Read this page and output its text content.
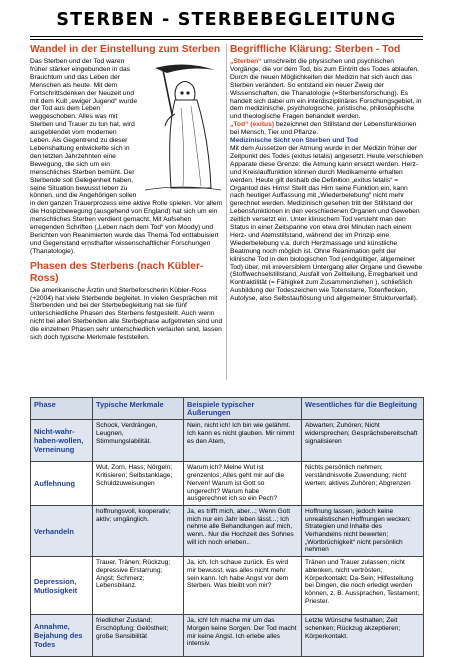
STERBEN - STERBEBEGLEITUNG
Wandel in der Einstellung zum Sterben

Das Sterben und der Tod waren früher stärker eingebunden in das Brauchtum und das Leben der Menschen als heute. Mit dem Fortschrittsdenken der Neuzeit und mit dem Kult „ewiger Jugend“ wurde der Tod aus dem Leben weggeschoben. Alles was mit Sterben und Trauer zu tun hat, wird ausgeblendet vom modernen Leben. Als Gegentrend zu dieser Lebenshaltung entwickelte sich in den letzten Jahrzehnten eine Bewegung, die sich um ein menschliches Sterben bemüht. Der Sterbende soll Gelegenheit haben, seine Situation bewusst leben zu können, und die Angehörigen sollen in den ganzen Trauerprozess eine aktive Rolle spielen. Vor allem die Hospizbewegung (ausgehend von England) hat sich um ein menschliches Sterben verdient gemacht. Mit Aufsehen erregenden Schriften („Leben nach dem Tod“ von Moody) und Berichten von Reanimierten wurde das Thema Tod enttabuisiert und Gegenstand ernsthafter wissenschaftlicher Forschungen (Thanatologie).

Phasen des Sterbens (nach Kübler-Ross)

Die amerikanische Ärztin und Sterbeforscherin Kübler-Ross (+2004) hat viele Sterbende begleitet. In vielen Gesprächen mit Sterbenden und bei der Sterbebegleitung hat sie fünf unterschiedliche Phasen des Sterbens festgestellt. Auch wenn nicht bei allen Sterbenden alle Sterbephase aufgetreten sind und die einzelnen Phasen sehr unterschiedlich verlaufen sind, lassen sich doch typische Merkmale feststellen.

Begriffliche Klärung: Sterben - Tod

„Sterben“ umschreibt die physischen und psychischen Vorgänge, die vor dem Tod, bis zum Eintritt des Todes ablaufen. Durch die neuen Möglichkeiten der Medizin hat sich auch das Sterben verändert. So entstand ein neuer Zweig der Wissenschaften, die Thanatologie (=Sterbensforschung). Es handelt sich dabei um ein interdisziplinäres Forschungsgebiet, in dem medizinische, psychologische, juristische, philosophische und theologische Fragen behandelt werden.

„Tod“ (exitus) bezeichnet den Stillstand der Lebensfunktionen bei Mensch, Tier und Pflanze.

Medizinische Sicht von Sterben und Tod

Mit dem Aussetzen der Atmung wurde in der Medizin früher der Zeitpunkt des Todes (exitus letalis) angesetzt. Heute verschieben Apparate diese Grenze: die Atmung kann ersetzt werden. Herz- und Kreislauffunktion können durch Medikamente erhalten werden. Heute gilt deshalb die Definition „exitus letalis“ = Organtod des Hirns! Stellt das Hirn seine Funktion ein, kann nach heutiger Auffassung mit „Wiederbelebung“ nicht mehr gerechnet werden. Medizinisch gesehen tritt der Stillstand der Lebensfunktionen in den verschiedenen Organen und Geweben zeitlich versetzt ein. Unter klinischem Tod versteht man den Status in einer Zeitspanne von etwa drei Minuten nach einem Herz- und Atemstillstand, während der im Prinzip eine Wiederbelebung v.a. durch Herzmassage und künstliche Beatmung noch möglich ist. Ohne Reanimation geht der klinische Tod in den biologischen Tod (endgültiger, allgemeiner Tod) über, mit irreversiblem Untergang aller Organe und Gewebe (Stoffwechselstillstand, Ausfall von Zellteilung, Erregbarkeit und Kontraktilität (= Fähigkeit zum Zusammenziehen ), schließlich Ausbildung der Todeszeichen wie Totenstarre, Totenflecken, Autolyse, also Selbstauflösung und allgemeiner Strukturverfall).

Phase	Typische Merkmale	Beispiele typischer Äußerungen	Wesentliches für die Begleitung
Nicht-wahr-haben-wollen, Verneinung	Schock, Verdrängen, Leugnen, Stimmungslabilität.	Nein, nicht ich! Ich bin wie gelähmt. Ich kann es nicht glauben. Mir nimmt es den Atem,	Abwarten; Zuhören; Nicht widersprechen; Gesprächsbereitschaft signalisieren
Auflehnung	Wut, Zorn, Hass; Nörgeln; Kritisieren; Selbstanklage; Schuldzuweisungen	Warum ich? Meine Wut ist grenzenlos; Alles geht mir auf die Nerven! Warum ist Gott so ungerecht? Warum habe ausgerechnet ich so ein Pech?	Nichts persönlich nehmen; verständnisvolle Zuwendung; nicht werten; aktives Zuhören; Abgrenzen
Verhandeln	hoffnungsvoll, kooperativ; aktiv; umgänglich.	Ja, es trifft mich, aber...; Wenn Gott mich nur ein Jahr leben lässt...; Ich nehme alle Behandlungen auf mich, wenn.. Nur die Hochzeit des Sohnes will ich noch erleben..	Hoffnung lassen, jedoch keine unrealistischen Hoffnungen wecken; Strategien und Inhalte des Verhandelns nicht bewerten; „Wortbrüchigkeit“ nicht persönlich nehmen
Depression, Mutlosigkeit	Trauer, Tränen; Rückzug; depressive Erstarrung; Angst; Schmerz; Lebensbilanz.	Ja, ich. Ich schaue zurück. Es wird mir bewusst, was alles nicht mehr sein kann. Ich habe Angst vor dem Sterben. Was bleibt von mir?	Tränen und Trauer zulassen; nicht ablenken, nicht vertrösten; Körperkontakt; Da-Sein; Hilfestellung bei Dingen, die noch erledigt werden können, z. B. Aussprachen, Testament; Priester.
Annahme, Bejahung des Todes	friedlicher Zustand; Erschöpfung; Gelöstheit; große Sensibilität	Ja, ich! Ich mache mir um das Morgen keine Sorgen. Der Tod macht mir keine Angst. Ich erlebe alles intensiv.	Letzte Wünsche festhalten; Zeit schenken; Rückzug akzeptieren; Körperkontakt.
